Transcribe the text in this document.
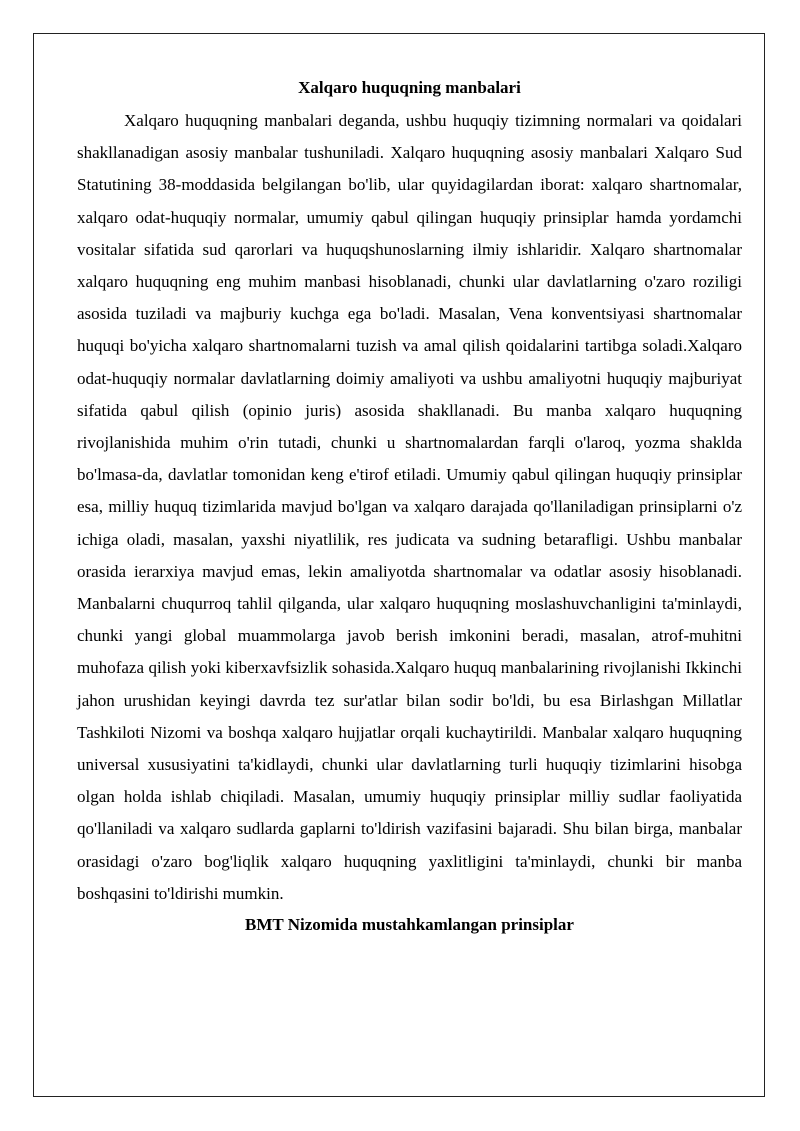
Xalqaro huquqning manbalari

Xalqaro huquqning manbalari deganda, ushbu huquqiy tizimning normalari va qoidalari shakllanadigan asosiy manbalar tushuniladi. Xalqaro huquqning asosiy manbalari Xalqaro Sud Statutining 38-moddasida belgilangan bo'lib, ular quyidagilardan iborat: xalqaro shartnomalar, xalqaro odat-huquqiy normalar, umumiy qabul qilingan huquqiy prinsiplar hamda yordamchi vositalar sifatida sud qarorlari va huquqshunoslarning ilmiy ishlaridir. Xalqaro shartnomalar xalqaro huquqning eng muhim manbasi hisoblanadi, chunki ular davlatlarning o'zaro roziligi asosida tuziladi va majburiy kuchga ega bo'ladi. Masalan, Vena konventsiyasi shartnomalar huquqi bo'yicha xalqaro shartnomalarni tuzish va amal qilish qoidalarini tartibga soladi.Xalqaro odat-huquqiy normalar davlatlarning doimiy amaliyoti va ushbu amaliyotni huquqiy majburiyat sifatida qabul qilish (opinio juris) asosida shakllanadi. Bu manba xalqaro huquqning rivojlanishida muhim o'rin tutadi, chunki u shartnomalardan farqli o'laroq, yozma shaklda bo'lmasa-da, davlatlar tomonidan keng e'tirof etiladi. Umumiy qabul qilingan huquqiy prinsiplar esa, milliy huquq tizimlarida mavjud bo'lgan va xalqaro darajada qo'llaniladigan prinsiplarni o'z ichiga oladi, masalan, yaxshi niyatlilik, res judicata va sudning betarafligi. Ushbu manbalar orasida ierarxiya mavjud emas, lekin amaliyotda shartnomalar va odatlar asosiy hisoblanadi. Manbalarni chuqurroq tahlil qilganda, ular xalqaro huquqning moslashuvchanligini ta'minlaydi, chunki yangi global muammolarga javob berish imkonini beradi, masalan, atrof-muhitni muhofaza qilish yoki kiberxavfsizlik sohasida.Xalqaro huquq manbalarining rivojlanishi Ikkinchi jahon urushidan keyingi davrda tez sur'atlar bilan sodir bo'ldi, bu esa Birlashgan Millatlar Tashkiloti Nizomi va boshqa xalqaro hujjatlar orqali kuchaytirildi. Manbalar xalqaro huquqning universal xususiyatini ta'kidlaydi, chunki ular davlatlarning turli huquqiy tizimlarini hisobga olgan holda ishlab chiqiladi. Masalan, umumiy huquqiy prinsiplar milliy sudlar faoliyatida qo'llaniladi va xalqaro sudlarda gaplarni to'ldirish vazifasini bajaradi. Shu bilan birga, manbalar orasidagi o'zaro bog'liqlik xalqaro huquqning yaxlitligini ta'minlaydi, chunki bir manba boshqasini to'ldirishi mumkin.

BMT Nizomida mustahkamlangan prinsiplar
